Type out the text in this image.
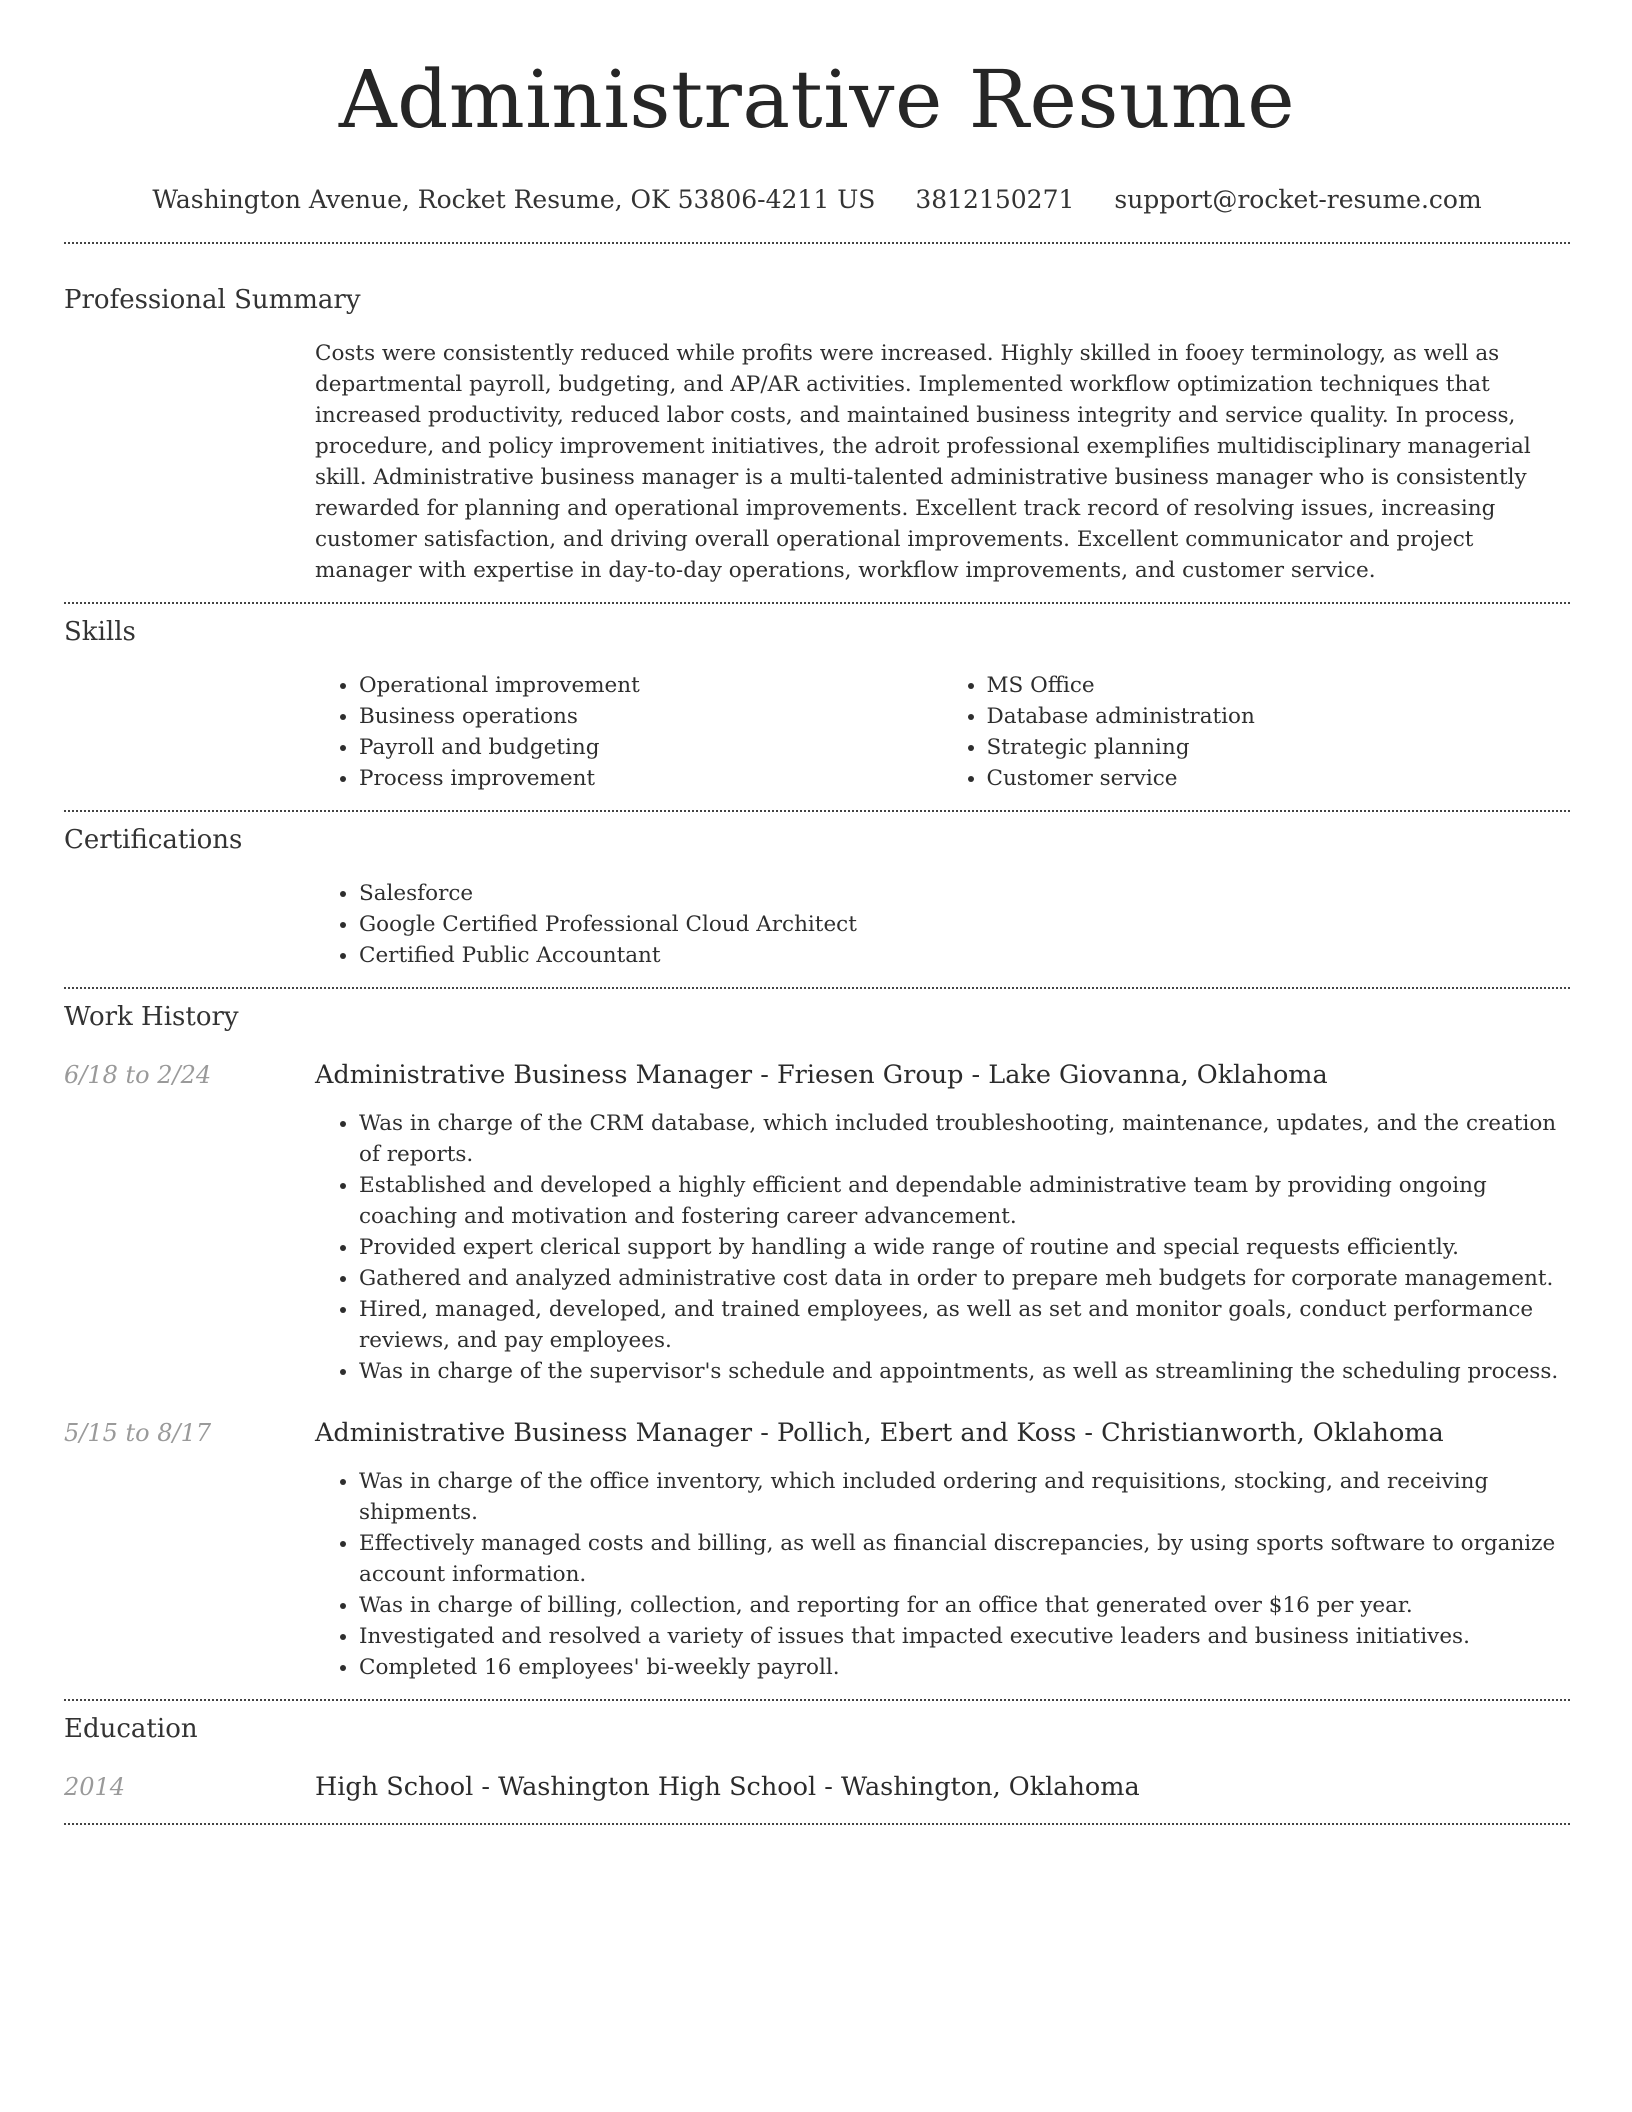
Administrative Resume
Washington Avenue, Rocket Resume, OK 53806-4211 US 3812150271 support@rocket-resume.com
Professional Summary

Costs were consistently reduced while profits were increased. Highly skilled in fooey terminology, as well as departmental payroll, budgeting, and AP/AR activities. Implemented workflow optimization techniques that increased productivity, reduced labor costs, and maintained business integrity and service quality. In process, procedure, and policy improvement initiatives, the adroit professional exemplifies multidisciplinary managerial skill. Administrative business manager is a multi-talented administrative business manager who is consistently rewarded for planning and operational improvements. Excellent track record of resolving issues, increasing customer satisfaction, and driving overall operational improvements. Excellent communicator and project manager with expertise in day-to-day operations, workflow improvements, and customer service.

Skills
• Operational improvement
• Business operations
• Payroll and budgeting
• Process improvement
• MS Office
• Database administration
• Strategic planning
• Customer service
Certifications
• Salesforce
• Google Certified Professional Cloud Architect
• Certified Public Accountant
Work History
6/18 to 2/24	Administrative Business Manager - Friesen Group - Lake Giovanna, Oklahoma
• Was in charge of the CRM database, which included troubleshooting, maintenance, updates, and the creation of reports.
• Established and developed a highly efficient and dependable administrative team by providing ongoing coaching and motivation and fostering career advancement.
• Provided expert clerical support by handling a wide range of routine and special requests efficiently.
• Gathered and analyzed administrative cost data in order to prepare meh budgets for corporate management.
• Hired, managed, developed, and trained employees, as well as set and monitor goals, conduct performance reviews, and pay employees.
• Was in charge of the supervisor's schedule and appointments, as well as streamlining the scheduling process.
5/15 to 8/17	Administrative Business Manager - Pollich, Ebert and Koss - Christianworth, Oklahoma
• Was in charge of the office inventory, which included ordering and requisitions, stocking, and receiving shipments.
• Effectively managed costs and billing, as well as financial discrepancies, by using sports software to organize account information.
• Was in charge of billing, collection, and reporting for an office that generated over $16 per year.
• Investigated and resolved a variety of issues that impacted executive leaders and business initiatives.
• Completed 16 employees' bi-weekly payroll.
Education
2014	High School - Washington High School - Washington, Oklahoma
